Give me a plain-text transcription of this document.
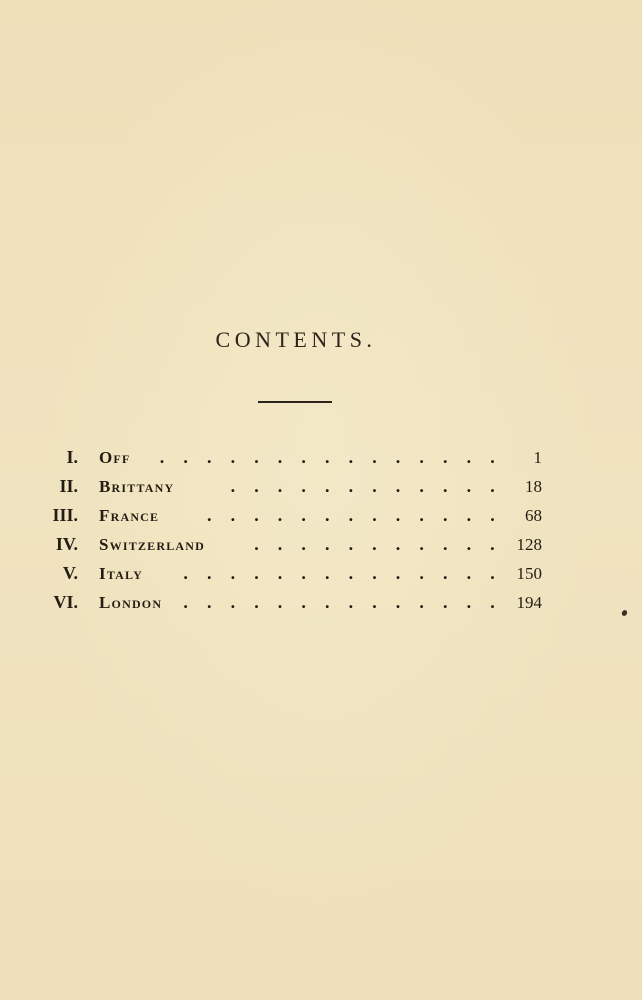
CONTENTS.
I. Off . . . . . . . . . . . . . . .	1
II. Brittany	. . . . . . . . . . . .	18
III. France	. . . . . . . . . . . . .	68
IV. Switzerland	. . . . . . . . . . . 128
V. Italy . . . . . . . . . . . . . . 150
VI. London . . . . . . . . . . . . . . 194
